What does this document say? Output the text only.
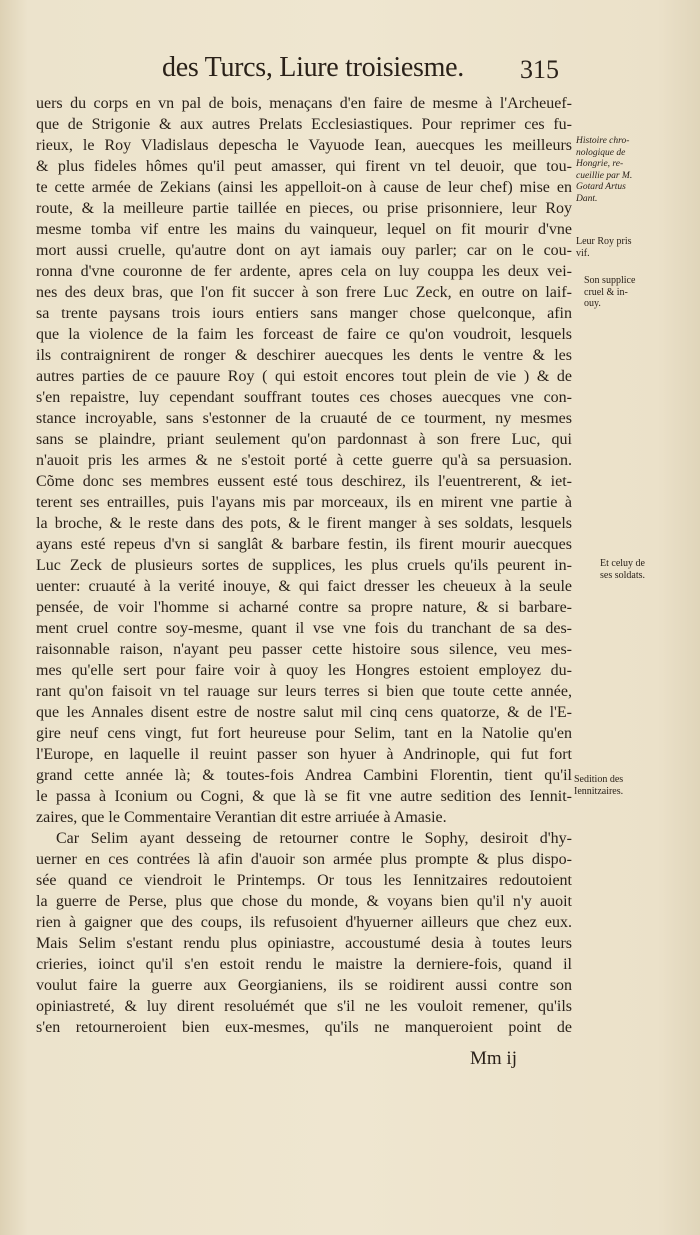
des Turcs, Liure troisiesme.	315
uers du corps en vn pal de bois, menaçans d'en faire de mesme à l'Archeuef-
que de Strigonie & aux autres Prelats Ecclesiastiques. Pour reprimer ces fu-
rieux, le Roy Vladislaus depescha le Vayuode Iean, auecques les meilleurs
& plus fideles hômes qu'il peut amasser, qui firent vn tel deuoir, que tou-
te cette armée de Zekians (ainsi les appelloit-on à cause de leur chef) mise en
route, & la meilleure partie taillée en pieces, ou prise prisonniere, leur Roy
mesme tomba vif entre les mains du vainqueur, lequel on fit mourir d'vne
mort aussi cruelle, qu'autre dont on ayt iamais ouy parler; car on le cou-
ronna d'vne couronne de fer ardente, apres cela on luy couppa les deux vei-
nes des deux bras, que l'on fit succer à son frere Luc Zeck, en outre on laif-
sa trente paysans trois iours entiers sans manger chose quelconque, afin
que la violence de la faim les forceast de faire ce qu'on voudroit, lesquels
ils contraignirent de ronger & deschirer auecques les dents le ventre & les
autres parties de ce pauure Roy ( qui estoit encores tout plein de vie ) & de
s'en repaistre, luy cependant souffrant toutes ces choses auecques vne con-
stance incroyable, sans s'estonner de la cruauté de ce tourment, ny mesmes
sans se plaindre, priant seulement qu'on pardonnast à son frere Luc, qui
n'auoit pris les armes & ne s'estoit porté à cette guerre qu'à sa persuasion.
Cõme donc ses membres eussent esté tous deschirez, ils l'euentrerent, & iet-
terent ses entrailles, puis l'ayans mis par morceaux, ils en mirent vne partie à
la broche, & le reste dans des pots, & le firent manger à ses soldats, lesquels
ayans esté repeus d'vn si sanglât & barbare festin, ils firent mourir auecques
Luc Zeck de plusieurs sortes de supplices, les plus cruels qu'ils peurent in-
uenter: cruauté à la verité inouye, & qui faict dresser les cheueux à la seule
pensée, de voir l'homme si acharné contre sa propre nature, & si barbare-
ment cruel contre soy-mesme, quant il vse vne fois du tranchant de sa des-
raisonnable raison, n'ayant peu passer cette histoire sous silence, veu mes-
mes qu'elle sert pour faire voir à quoy les Hongres estoient employez du-
rant qu'on faisoit vn tel rauage sur leurs terres si bien que toute cette année,
que les Annales disent estre de nostre salut mil cinq cens quatorze, & de l'E-
gire neuf cens vingt, fut fort heureuse pour Selim, tant en la Natolie qu'en
l'Europe, en laquelle il reuint passer son hyuer à Andrinople, qui fut fort
grand cette année là; & toutes-fois Andrea Cambini Florentin, tient qu'il
le passa à Iconium ou Cogni, & que là se fit vne autre sedition des Iennit-
zaires, que le Commentaire Verantian dit estre arriuée à Amasie.
Car Selim ayant desseing de retourner contre le Sophy, desiroit d'hy-
uerner en ces contrées là afin d'auoir son armée plus prompte & plus dispo-
sée quand ce viendroit le Printemps. Or tous les Iennitzaires redoutoient
la guerre de Perse, plus que chose du monde, & voyans bien qu'il n'y auoit
rien à gaigner que des coups, ils refusoient d'hyuerner ailleurs que chez eux.
Mais Selim s'estant rendu plus opiniastre, accoustumé desia à toutes leurs
crieries, ioinct qu'il s'en estoit rendu le maistre la derniere-fois, quand il
voulut faire la guerre aux Georgianiens, ils se roidirent aussi contre son
opiniastreté, & luy dirent resoluémét que s'il ne les vouloit remener, qu'ils
s'en retourneroient bien eux-mesmes, qu'ils ne manqueroient point de
Mm ij
Histoire chro-
nologique de
Hongrie, re-
cueillie par M.
Gotard Artus
Dant.
Leur Roy pris
vif.
Son supplice
cruel & in-
ouy.
Et celuy de
ses soldats.
Sedition des
Iennitzaires.
